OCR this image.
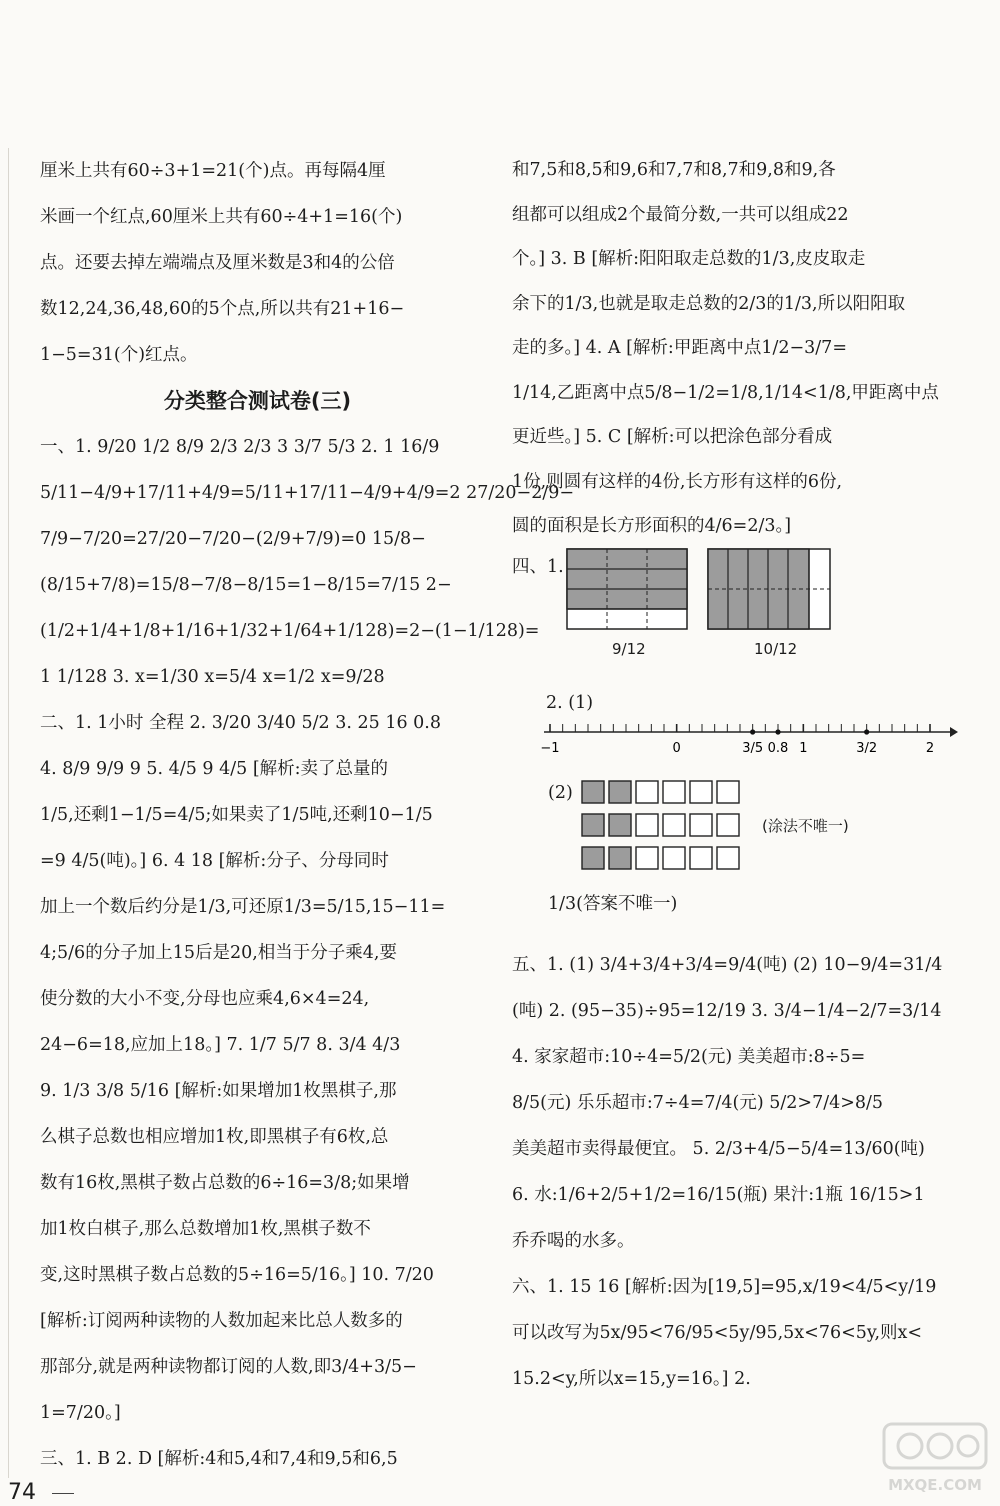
厘米上共有60÷3+1=21(个)点。再每隔4厘
米画一个红点,60厘米上共有60÷4+1=16(个)
点。还要去掉左端端点及厘米数是3和4的公倍
数12,24,36,48,60的5个点,所以共有21+16−
1−5=31(个)红点。
分类整合测试卷(三)
一、1. 9/20 1/2 8/9 2/3 2/3 3 3/7 5/3 2. 1 16/9
5/11−4/9+17/11+4/9=5/11+17/11−4/9+4/9=2 27/20−2/9−
7/9−7/20=27/20−7/20−(2/9+7/9)=0 15/8−
(8/15+7/8)=15/8−7/8−8/15=1−8/15=7/15 2−
(1/2+1/4+1/8+1/16+1/32+1/64+1/128)=2−(1−1/128)=
1 1/128 3. x=1/30 x=5/4 x=1/2 x=9/28
二、1. 1小时 全程 2. 3/20 3/40 5/2 3. 25 16 0.8
4. 8/9 9/9 9 5. 4/5 9 4/5 [解析:卖了总量的
1/5,还剩1−1/5=4/5;如果卖了1/5吨,还剩10−1/5
=9 4/5(吨)。] 6. 4 18 [解析:分子、分母同时
加上一个数后约分是1/3,可还原1/3=5/15,15−11=
4;5/6的分子加上15后是20,相当于分子乘4,要
使分数的大小不变,分母也应乘4,6×4=24,
24−6=18,应加上18。] 7. 1/7 5/7 8. 3/4 4/3
9. 1/3 3/8 5/16 [解析:如果增加1枚黑棋子,那
么棋子总数也相应增加1枚,即黑棋子有6枚,总
数有16枚,黑棋子数占总数的6÷16=3/8;如果增
加1枚白棋子,那么总数增加1枚,黑棋子数不
变,这时黑棋子数占总数的5÷16=5/16。] 10. 7/20
[解析:订阅两种读物的人数加起来比总人数多的
那部分,就是两种读物都订阅的人数,即3/4+3/5−
1=7/20。]
三、1. B 2. D [解析:4和5,4和7,4和9,5和6,5
和7,5和8,5和9,6和7,7和8,7和9,8和9,各
组都可以组成2个最简分数,一共可以组成22
个。] 3. B [解析:阳阳取走总数的1/3,皮皮取走
余下的1/3,也就是取走总数的2/3的1/3,所以阳阳取
走的多。] 4. A [解析:甲距离中点1/2−3/7=
1/14,乙距离中点5/8−1/2=1/8,1/14<1/8,甲距离中点
更近些。] 5. C [解析:可以把涂色部分看成
1份,则圆有这样的4份,长方形有这样的6份,
圆的面积是长方形面积的4/6=2/3。]
四、1.
9/12	10/12
2. (1)
−1	0	3/5 0.8 1	3/2	2
(2)
(涂法不唯一)
1/3(答案不唯一)
五、1. (1) 3/4+3/4+3/4=9/4(吨) (2) 10−9/4=31/4
(吨) 2. (95−35)÷95=12/19 3. 3/4−1/4−2/7=3/14
4. 家家超市:10÷4=5/2(元) 美美超市:8÷5=
8/5(元) 乐乐超市:7÷4=7/4(元) 5/2>7/4>8/5
美美超市卖得最便宜。 5. 2/3+4/5−5/4=13/60(吨)
6. 水:1/6+2/5+1/2=16/15(瓶) 果汁:1瓶 16/15>1
乔乔喝的水多。
六、1. 15 16 [解析:因为[19,5]=95,x/19<4/5<y/19
可以改写为5x/95<76/95<5y/95,5x<76<5y,则x<
15.2<y,所以x=15,y=16。] 2.
74	MXQE.COM
